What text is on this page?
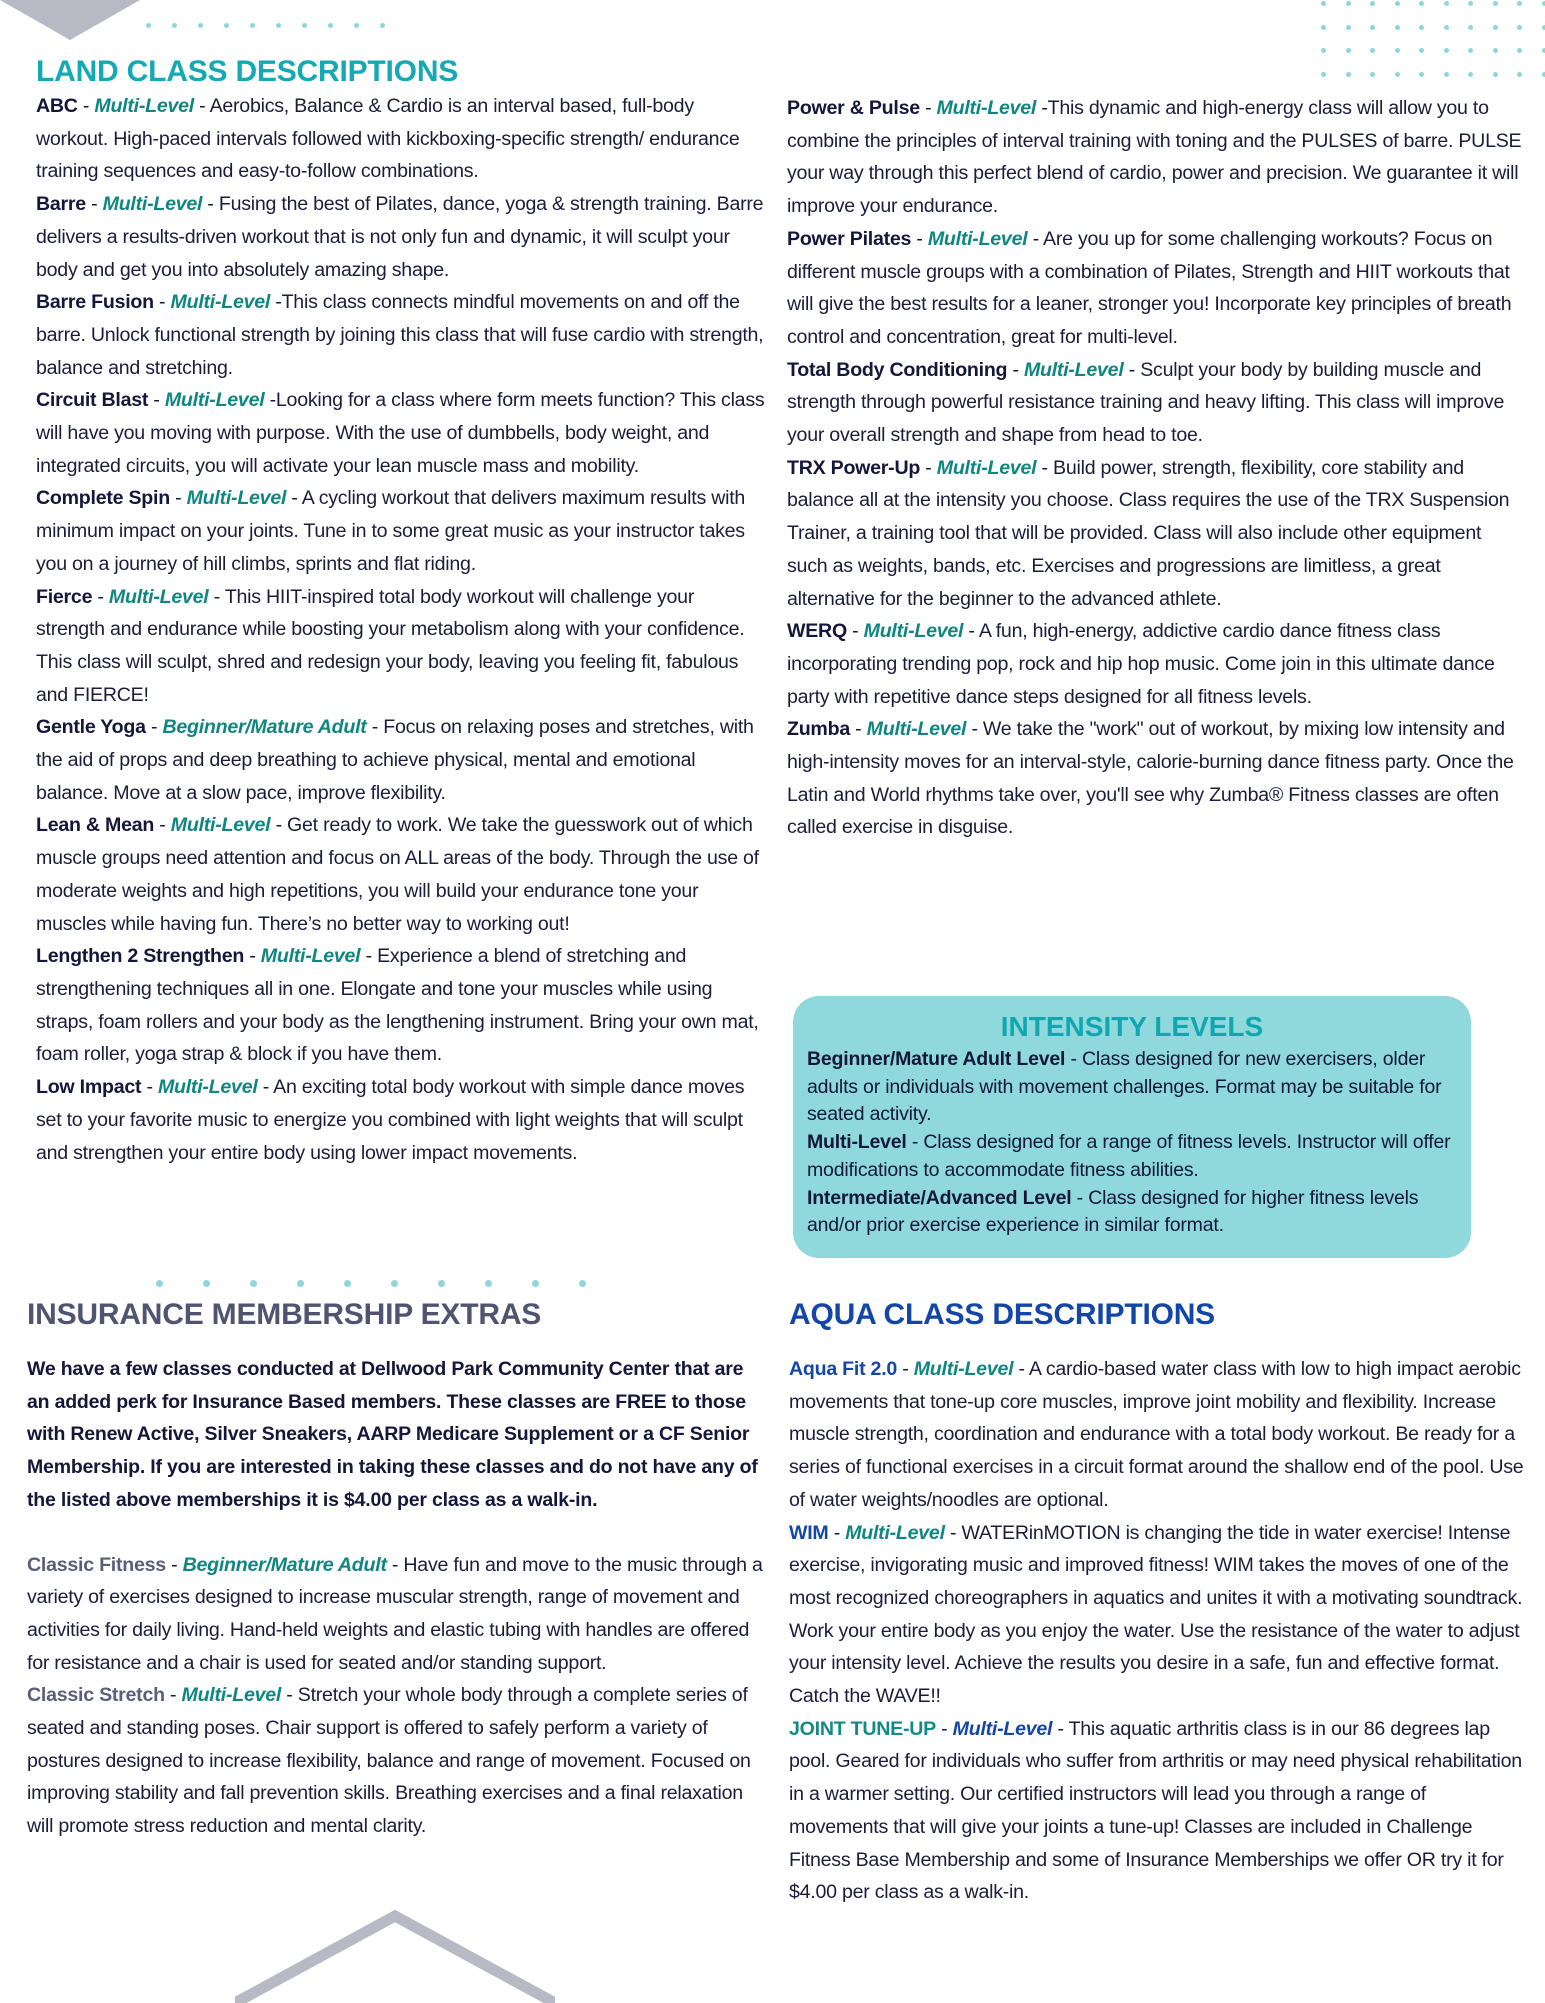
LAND CLASS DESCRIPTIONS

ABC - Multi-Level - Aerobics, Balance & Cardio is an interval based, full-body workout. High-paced intervals followed with kickboxing-specific strength/ endurance training sequences and easy-to-follow combinations.

Barre - Multi-Level - Fusing the best of Pilates, dance, yoga & strength training. Barre delivers a results-driven workout that is not only fun and dynamic, it will sculpt your body and get you into absolutely amazing shape.

Barre Fusion - Multi-Level -This class connects mindful movements on and off the barre. Unlock functional strength by joining this class that will fuse cardio with strength, balance and stretching.

Circuit Blast - Multi-Level -Looking for a class where form meets function? This class will have you moving with purpose. With the use of dumbbells, body weight, and integrated circuits, you will activate your lean muscle mass and mobility.

Complete Spin - Multi-Level - A cycling workout that delivers maximum results with minimum impact on your joints. Tune in to some great music as your instructor takes you on a journey of hill climbs, sprints and flat riding.

Fierce - Multi-Level - This HIIT-inspired total body workout will challenge your strength and endurance while boosting your metabolism along with your confidence. This class will sculpt, shred and redesign your body, leaving you feeling fit, fabulous and FIERCE!

Gentle Yoga - Beginner/Mature Adult - Focus on relaxing poses and stretches, with the aid of props and deep breathing to achieve physical, mental and emotional balance. Move at a slow pace, improve flexibility.

Lean & Mean - Multi-Level - Get ready to work. We take the guesswork out of which muscle groups need attention and focus on ALL areas of the body. Through the use of moderate weights and high repetitions, you will build your endurance tone your muscles while having fun. There’s no better way to working out!

Lengthen 2 Strengthen - Multi-Level - Experience a blend of stretching and strengthening techniques all in one. Elongate and tone your muscles while using straps, foam rollers and your body as the lengthening instrument. Bring your own mat, foam roller, yoga strap & block if you have them.

Low Impact - Multi-Level - An exciting total body workout with simple dance moves set to your favorite music to energize you combined with light weights that will sculpt and strengthen your entire body using lower impact movements.

Power & Pulse - Multi-Level -This dynamic and high-energy class will allow you to combine the principles of interval training with toning and the PULSES of barre. PULSE your way through this perfect blend of cardio, power and precision. We guarantee it will improve your endurance.

Power Pilates - Multi-Level - Are you up for some challenging workouts? Focus on different muscle groups with a combination of Pilates, Strength and HIIT workouts that will give the best results for a leaner, stronger you! Incorporate key principles of breath control and concentration, great for multi-level.

Total Body Conditioning - Multi-Level - Sculpt your body by building muscle and strength through powerful resistance training and heavy lifting. This class will improve your overall strength and shape from head to toe.

TRX Power-Up - Multi-Level - Build power, strength, flexibility, core stability and balance all at the intensity you choose. Class requires the use of the TRX Suspension Trainer, a training tool that will be provided. Class will also include other equipment such as weights, bands, etc. Exercises and progressions are limitless, a great alternative for the beginner to the advanced athlete.

WERQ - Multi-Level - A fun, high-energy, addictive cardio dance fitness class incorporating trending pop, rock and hip hop music. Come join in this ultimate dance party with repetitive dance steps designed for all fitness levels.

Zumba - Multi-Level - We take the "work" out of workout, by mixing low intensity and high-intensity moves for an interval-style, calorie-burning dance fitness party. Once the Latin and World rhythms take over, you'll see why Zumba® Fitness classes are often called exercise in disguise.

INTENSITY LEVELS

Beginner/Mature Adult Level - Class designed for new exercisers, older adults or individuals with movement challenges. Format may be suitable for seated activity.

Multi-Level - Class designed for a range of fitness levels. Instructor will offer modifications to accommodate fitness abilities.

Intermediate/Advanced Level - Class designed for higher fitness levels and/or prior exercise experience in similar format.

INSURANCE MEMBERSHIP EXTRAS

We have a few classes conducted at Dellwood Park Community Center that are an added perk for Insurance Based members. These classes are FREE to those with Renew Active, Silver Sneakers, AARP Medicare Supplement or a CF Senior Membership. If you are interested in taking these classes and do not have any of the listed above memberships it is $4.00 per class as a walk-in.

Classic Fitness - Beginner/Mature Adult - Have fun and move to the music through a variety of exercises designed to increase muscular strength, range of movement and activities for daily living. Hand-held weights and elastic tubing with handles are offered for resistance and a chair is used for seated and/or standing support.

Classic Stretch - Multi-Level - Stretch your whole body through a complete series of seated and standing poses. Chair support is offered to safely perform a variety of postures designed to increase flexibility, balance and range of movement. Focused on improving stability and fall prevention skills. Breathing exercises and a final relaxation will promote stress reduction and mental clarity.

AQUA CLASS DESCRIPTIONS

Aqua Fit 2.0 - Multi-Level - A cardio-based water class with low to high impact aerobic movements that tone-up core muscles, improve joint mobility and flexibility. Increase muscle strength, coordination and endurance with a total body workout. Be ready for a series of functional exercises in a circuit format around the shallow end of the pool. Use of water weights/noodles are optional.

WIM - Multi-Level - WATERinMOTION is changing the tide in water exercise! Intense exercise, invigorating music and improved fitness! WIM takes the moves of one of the most recognized choreographers in aquatics and unites it with a motivating soundtrack. Work your entire body as you enjoy the water. Use the resistance of the water to adjust your intensity level. Achieve the results you desire in a safe, fun and effective format. Catch the WAVE!!

JOINT TUNE-UP - Multi-Level - This aquatic arthritis class is in our 86 degrees lap pool. Geared for individuals who suffer from arthritis or may need physical rehabilitation in a warmer setting. Our certified instructors will lead you through a range of movements that will give your joints a tune-up! Classes are included in Challenge Fitness Base Membership and some of Insurance Memberships we offer OR try it for $4.00 per class as a walk-in.
